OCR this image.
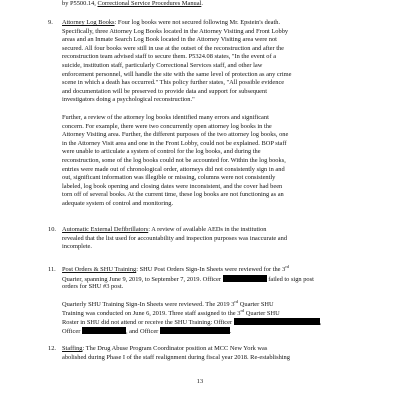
by P5500.14, Correctional Service Procedures Manual.
9. Attorney Log Books: Four log books were not secured following Mr. Epstein's death.
Specifically, three Attorney Log Books located in the Attorney Visiting and Front Lobby
areas and an Inmate Search Log Book located in the Attorney Visiting area were not
secured. All four books were still in use at the outset of the reconstruction and after the
reconstruction team advised staff to secure them. P5324.08 states, "In the event of a
suicide, institution staff, particularly Correctional Services staff, and other law
enforcement personnel, will handle the site with the same level of protection as any crime
scene in which a death has occurred." This policy further states, "All possible evidence
and documentation will be preserved to provide data and support for subsequent
investigators doing a psychological reconstruction."
Further, a review of the attorney log books identified many errors and significant
concern. For example, there were two concurrently open attorney log books in the
Attorney Visiting area. Further, the different purposes of the two attorney log books, one
in the Attorney Visit area and one in the Front Lobby, could not be explained. BOP staff
were unable to articulate a system of control for the log books, and during the
reconstruction, some of the log books could not be accounted for. Within the log books,
entries were made out of chronological order, attorneys did not consistently sign in and
out, significant information was illegible or missing, columns were not consistently
labeled, log book opening and closing dates were inconsistent, and the cover had been
torn off of several books. At the current time, these log books are not functioning as an
adequate system of control and monitoring.
10. Automatic External Defibrillators: A review of available AEDs in the institution
revealed that the list used for accountability and inspection purposes was inaccurate and
incomplete.
11. Post Orders & SHU Training: SHU Post Orders Sign-In Sheets were reviewed for the 3rd
Quarter, spanning June 9, 2019, to September 7, 2019. Officer	failed to sign post
orders for SHU #3 post.
Quarterly SHU Training Sign-In Sheets were reviewed. The 2019 3rd Quarter SHU
Training was conducted on June 6, 2019. Three staff assigned to the 3rd Quarter SHU
Roster in SHU did not attend or receive the SHU Training: Officer	,
Officer	, and Officer	.
12. Staffing: The Drug Abuse Program Coordinator position at MCC New York was
abolished during Phase I of the staff realignment during fiscal year 2018. Re-establishing
13
